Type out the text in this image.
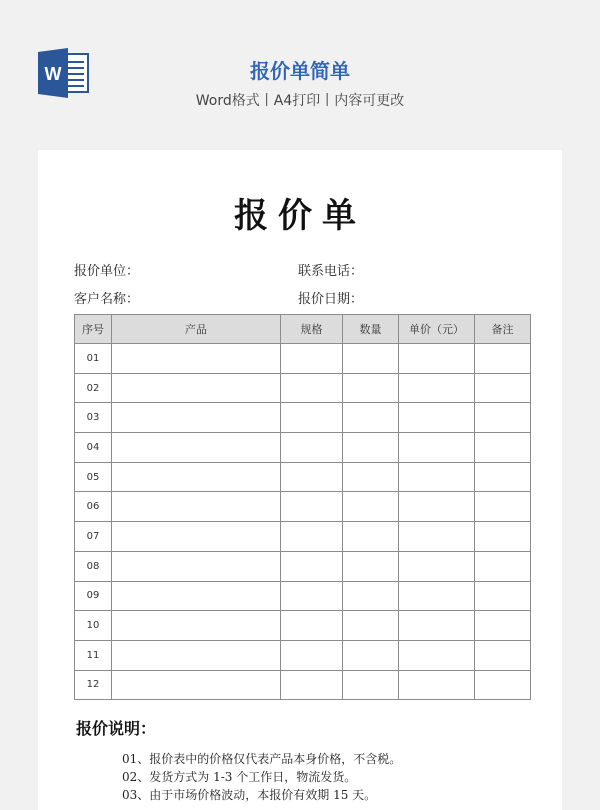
W	报价单简单
Word格式丨A4打印丨内容可更改
报价单
报价单位：	联系电话：
客户名称：	报价日期：
序号	产品	规格	数量	单价（元）	备注
01					
02					
03					
04					
05					
06					
07					
08					
09					
10					
11					
12					
报价说明：
01、报价表中的价格仅代表产品本身价格，不含税。
02、发货方式为 1-3 个工作日，物流发货。
03、由于市场价格波动，本报价有效期 15 天。
